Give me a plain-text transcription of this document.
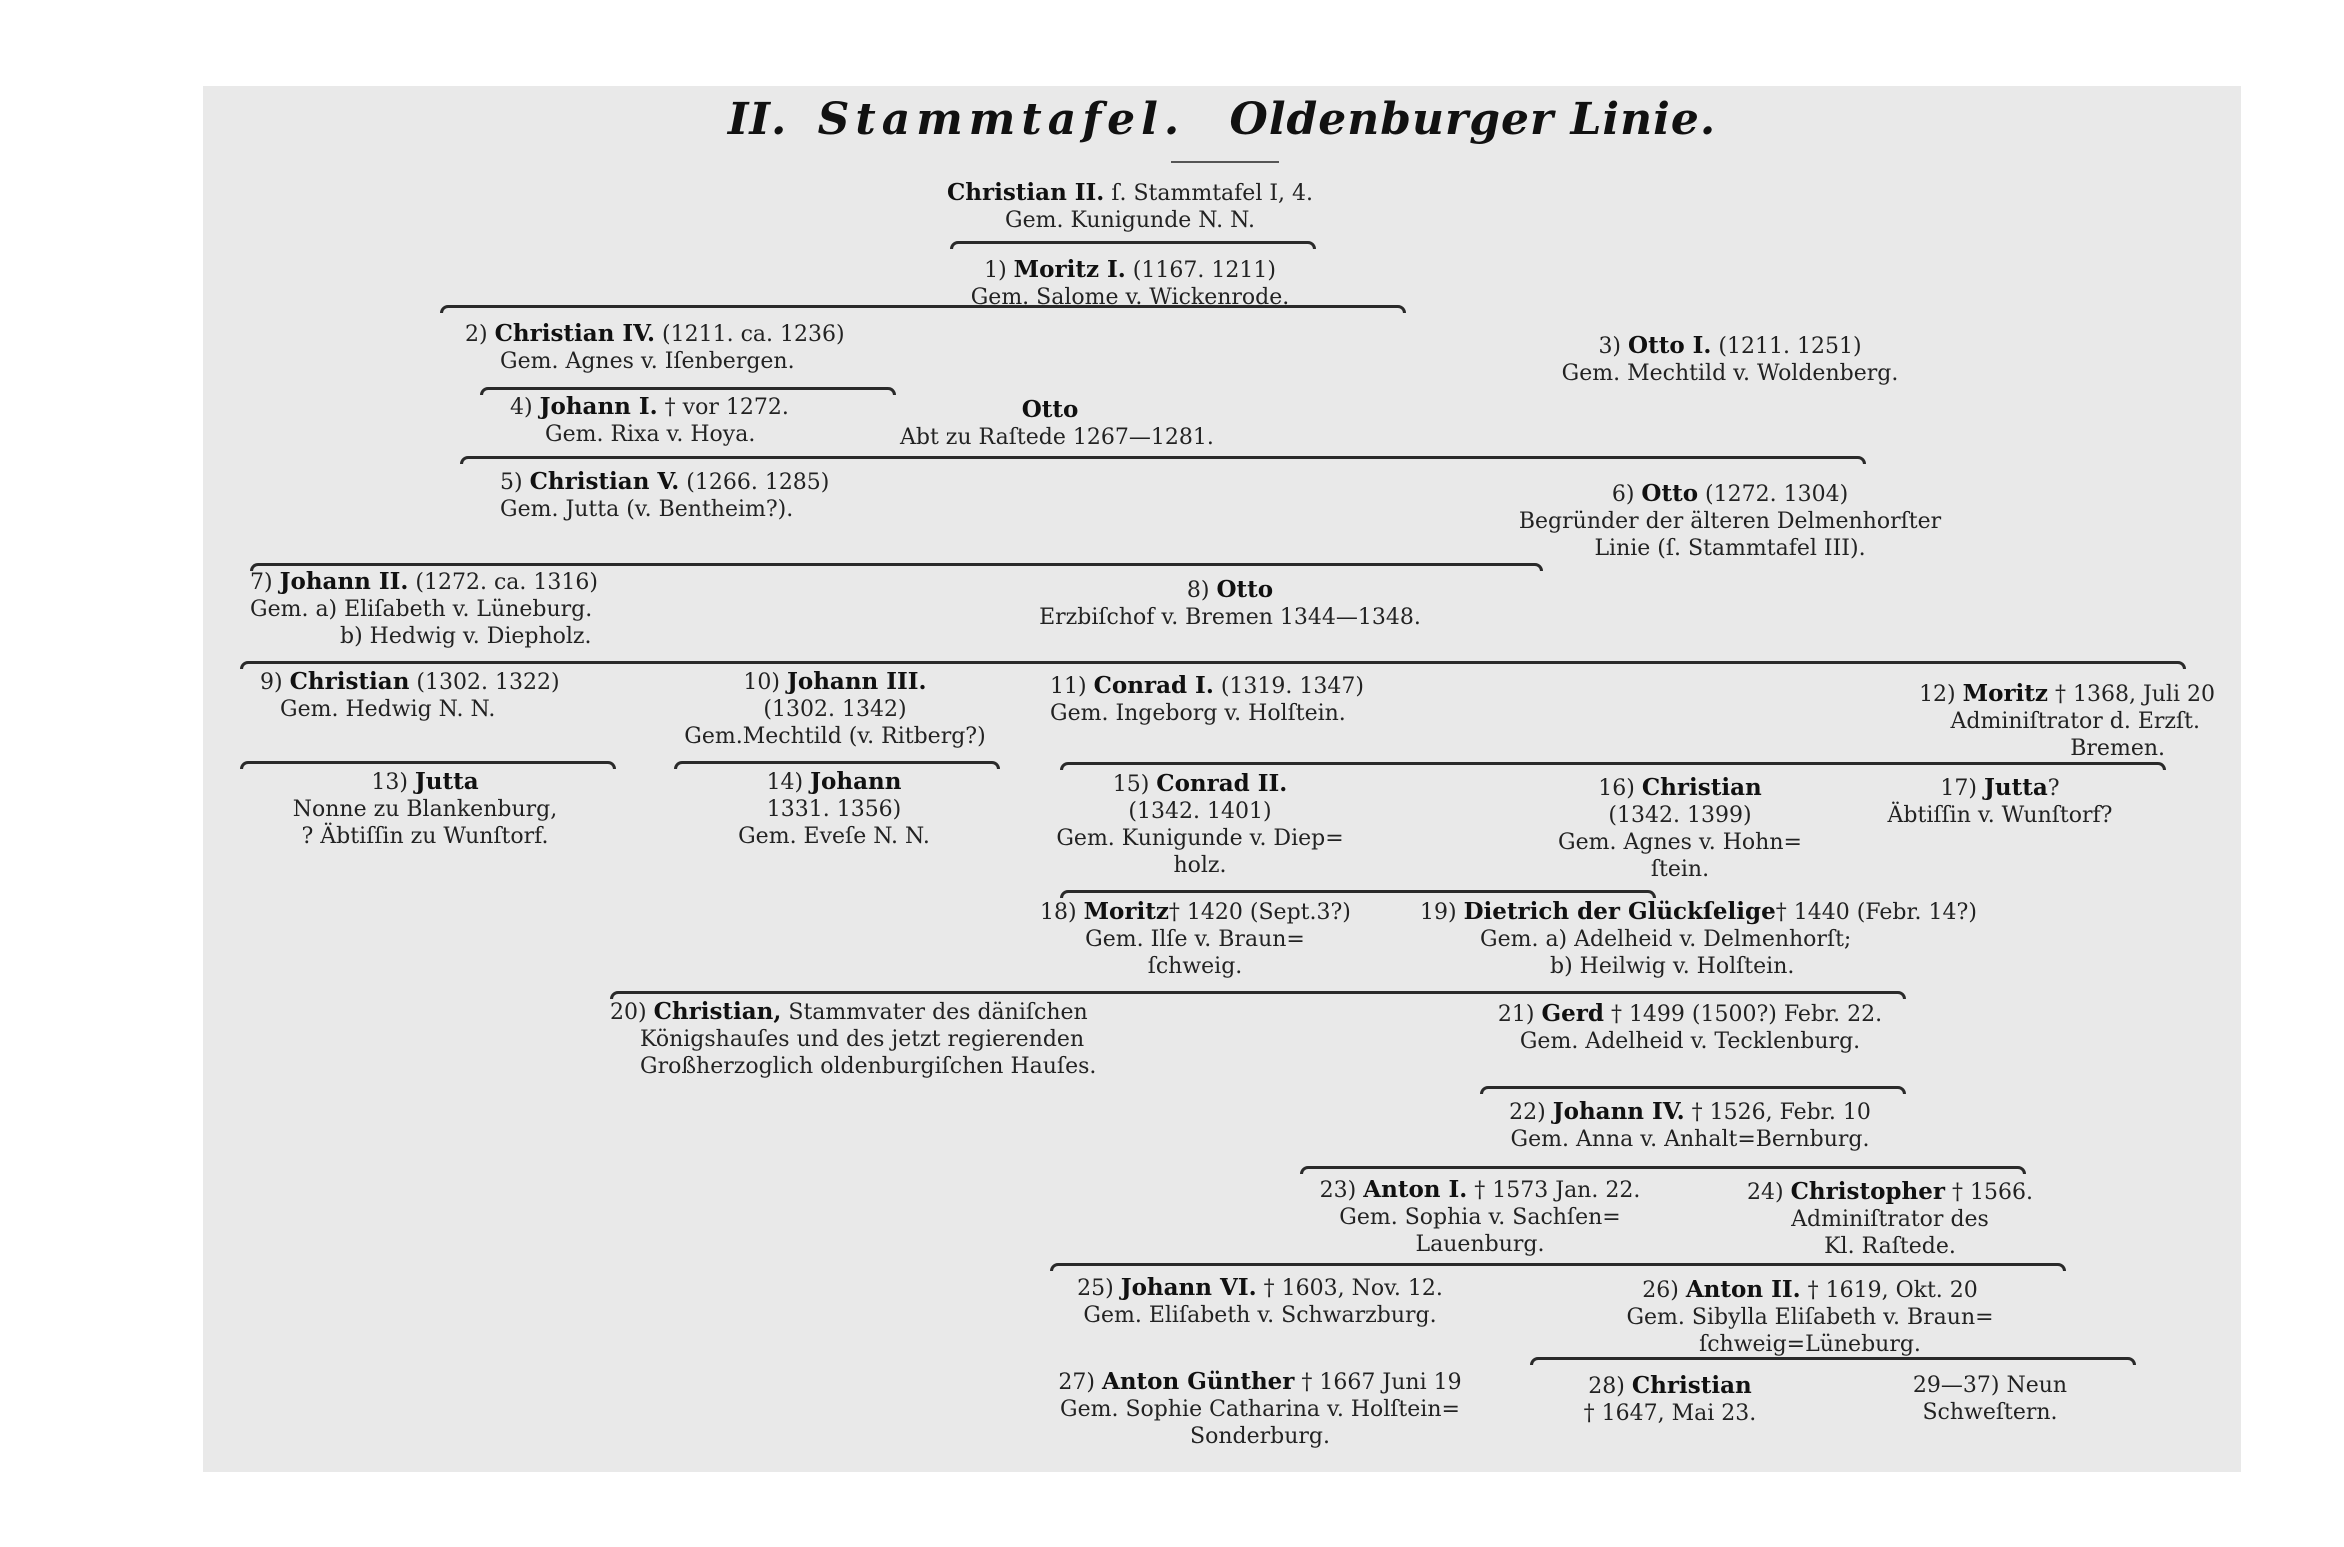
II. Stammtafel. Oldenburger Linie.
Christian II. ſ. Stammtafel I, 4.
Gem. Kunigunde N. N.
1) Moritz I. (1167. 1211)
Gem. Salome v. Wickenrode.
2) Christian IV. (1211. ca. 1236)
Gem. Agnes v. Iſenbergen.
3) Otto I. (1211. 1251)
Gem. Mechtild v. Woldenberg.
4) Johann I. † vor 1272.
Gem. Rixa v. Hoya.
Otto
Abt zu Raſtede 1267—1281.
5) Christian V. (1266. 1285)
Gem. Jutta (v. Bentheim?).
6) Otto (1272. 1304)
Begründer der älteren Delmenhorſter
Linie (ſ. Stammtafel III).
7) Johann II. (1272. ca. 1316)
Gem. a) Eliſabeth v. Lüneburg.
b) Hedwig v. Diepholz.
8) Otto
Erzbiſchof v. Bremen 1344—1348.
9) Christian (1302. 1322)
Gem. Hedwig N. N.
10) Johann III.
(1302. 1342)
Gem.Mechtild (v. Ritberg?)
11) Conrad I. (1319. 1347)
Gem. Ingeborg v. Holſtein.
12) Moritz † 1368, Juli 20
Adminiſtrator d. Erzſt.
Bremen.
13) Jutta
Nonne zu Blankenburg,
? Äbtiſſin zu Wunſtorf.
14) Johann
1331. 1356)
Gem. Eveſe N. N.
15) Conrad II.
(1342. 1401)
Gem. Kunigunde v. Diep=
holz.
16) Christian
(1342. 1399)
Gem. Agnes v. Hohn=
ſtein.
17) Jutta?
Äbtiſſin v. Wunſtorf?
18) Moritz† 1420 (Sept.3?)
Gem. Ilſe v. Braun=
ſchweig.
19) Dietrich der Glückſelige† 1440 (Febr. 14?)
Gem. a) Adelheid v. Delmenhorſt;
b) Heilwig v. Holſtein.
20) Christian, Stammvater des däniſchen
Königshauſes und des jetzt regierenden
Großherzoglich oldenburgiſchen Hauſes.
21) Gerd † 1499 (1500?) Febr. 22.
Gem. Adelheid v. Tecklenburg.
22) Johann IV. † 1526, Febr. 10
Gem. Anna v. Anhalt=Bernburg.
23) Anton I. † 1573 Jan. 22.
Gem. Sophia v. Sachſen=
Lauenburg.
24) Christopher † 1566.
Adminiſtrator des
Kl. Raſtede.
25) Johann VI. † 1603, Nov. 12.
Gem. Eliſabeth v. Schwarzburg.
26) Anton II. † 1619, Okt. 20
Gem. Sibylla Eliſabeth v. Braun=
ſchweig=Lüneburg.
27) Anton Günther † 1667 Juni 19
Gem. Sophie Catharina v. Holſtein=
Sonderburg.
28) Christian
† 1647, Mai 23.
29—37) Neun
Schweſtern.
